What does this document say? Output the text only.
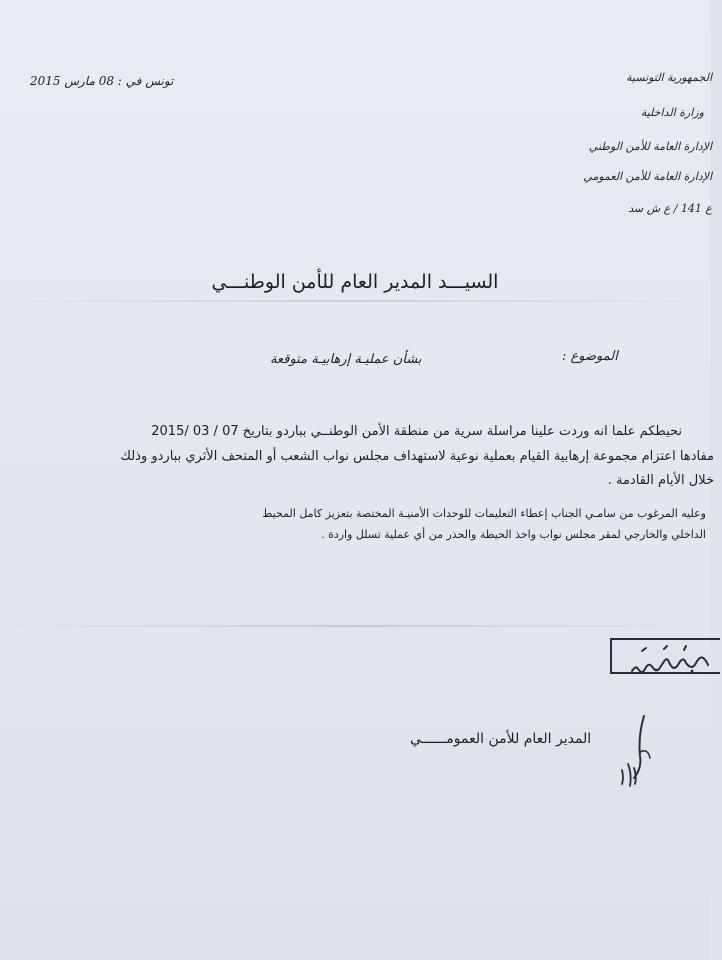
الجمهورية التونسية

وزارة الداخلية

الإدارة العامة للأمن الوطني

الإدارة العامة للأمن العمومي

ع 141 / ع ش سد

تونس في : 08 مارس 2015

السيـــد المدير العام للأمن الوطنـــي

الموضوع :

بشأن عمليـة إرهابيـة متوقعة

نحيطكم علما انه وردت علينا مراسلة سرية من منطقة الأمن الوطنــي بباردو بتاريخ 07 / 03 /2015

مفادها اعتزام مجموعة إرهابية القيام بعملية نوعية لاستهداف مجلس نواب الشعب أو المتحف الأثري بباردو وذلك

خلال الأيام القادمة .

وعليه المرغوب من سامـي الجناب إعطاء التعليمات للوحدات الأمنيـة المختصة بتعزيز كامل المحيط

الداخلي والخارجي لمقر مجلس نواب واخذ الحيطة والحذر من أي عملية تسلل واردة .

المدير العام للأمن العمومــــــي
